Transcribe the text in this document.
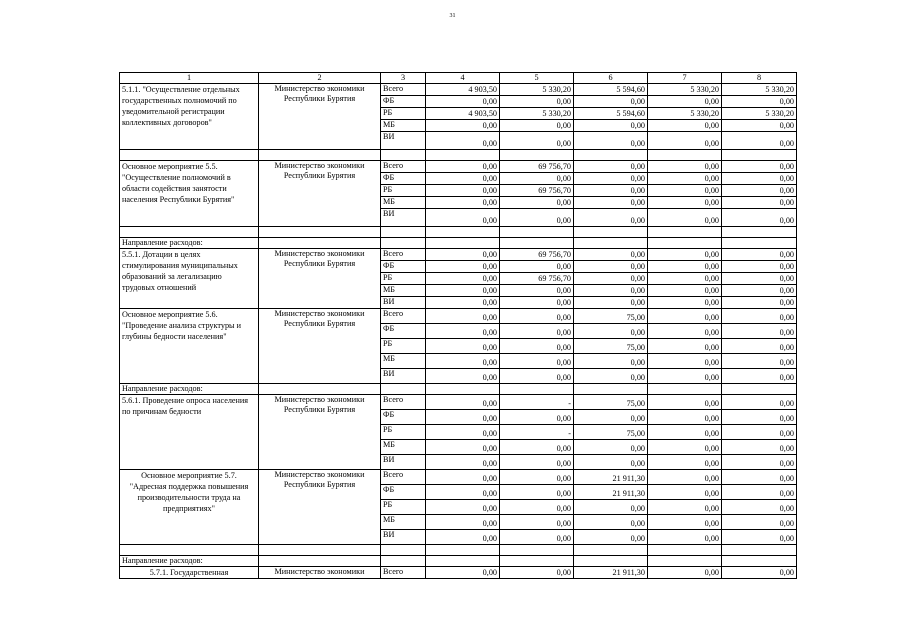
31
1	2	3	4	5	6	7	8
5.1.1. "Осуществление отдельных государственных полномочий по уведомительной регистрации коллективных договоров"	Министерство экономики Республики Бурятия	Всего	4 903,50	5 330,20	5 594,60	5 330,20	5 330,20
		ФБ	0,00	0,00	0,00	0,00	0,00
		РБ	4 903,50	5 330,20	5 594,60	5 330,20	5 330,20
		МБ	0,00	0,00	0,00	0,00	0,00
		ВИ	0,00	0,00	0,00	0,00	0,00

Основное мероприятие 5.5. "Осуществление полномочий в области содействия занятости населения Республики Бурятия"	Министерство экономики Республики Бурятия	Всего	0,00	69 756,70	0,00	0,00	0,00
		ФБ	0,00	0,00	0,00	0,00	0,00
		РБ	0,00	69 756,70	0,00	0,00	0,00
		МБ	0,00	0,00	0,00	0,00	0,00
		ВИ	0,00	0,00	0,00	0,00	0,00

Направление расходов:							
5.5.1. Дотации в целях стимулирования муниципальных образований за легализацию трудовых отношений	Министерство экономики Республики Бурятия	Всего	0,00	69 756,70	0,00	0,00	0,00
		ФБ	0,00	0,00	0,00	0,00	0,00
		РБ	0,00	69 756,70	0,00	0,00	0,00
		МБ	0,00	0,00	0,00	0,00	0,00
		ВИ	0,00	0,00	0,00	0,00	0,00
Основное мероприятие 5.6. "Проведение анализа структуры и глубины бедности населения"	Министерство экономики Республики Бурятия	Всего	0,00	0,00	75,00	0,00	0,00
		ФБ	0,00	0,00	0,00	0,00	0,00
		РБ	0,00	0,00	75,00	0,00	0,00
		МБ	0,00	0,00	0,00	0,00	0,00
		ВИ	0,00	0,00	0,00	0,00	0,00
Направление расходов:							
5.6.1. Проведение опроса населения по причинам бедности	Министерство экономики Республики Бурятия	Всего	0,00	-	75,00	0,00	0,00
		ФБ	0,00	0,00	0,00	0,00	0,00
		РБ	0,00	-	75,00	0,00	0,00
		МБ	0,00	0,00	0,00	0,00	0,00
		ВИ	0,00	0,00	0,00	0,00	0,00
Основное мероприятие 5.7. "Адресная поддержка повышения производительности труда на предприятиях"	Министерство экономики Республики Бурятия	Всего	0,00	0,00	21 911,30	0,00	0,00
		ФБ	0,00	0,00	21 911,30	0,00	0,00
		РБ	0,00	0,00	0,00	0,00	0,00
		МБ	0,00	0,00	0,00	0,00	0,00
		ВИ	0,00	0,00	0,00	0,00	0,00

Направление расходов:							
5.7.1. Государственная	Министерство экономики	Всего	0,00	0,00	21 911,30	0,00	0,00
